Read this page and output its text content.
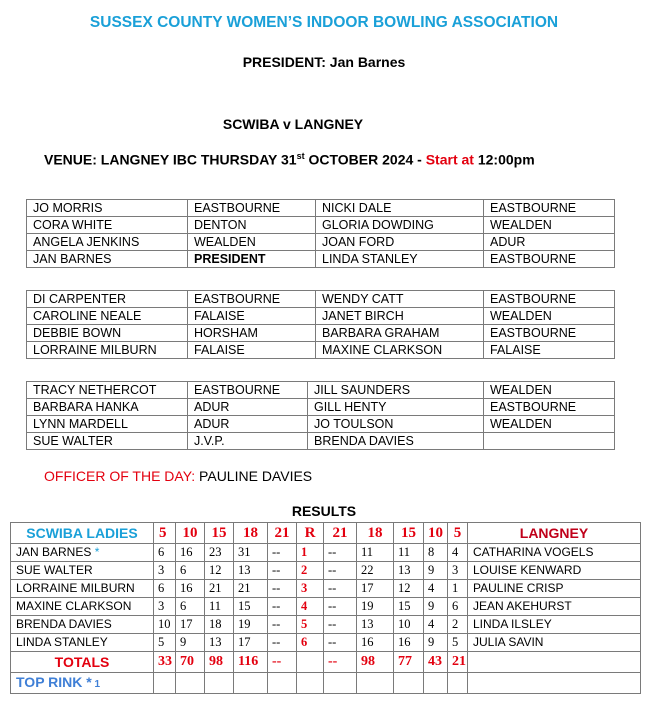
SUSSEX COUNTY WOMEN’S INDOOR BOWLING ASSOCIATION
PRESIDENT: Jan Barnes
SCWIBA v LANGNEY
VENUE: LANGNEY IBC THURSDAY 31st OCTOBER 2024 - Start at 12:00pm
JO MORRIS	EASTBOURNE	NICKI DALE	EASTBOURNE
CORA WHITE	DENTON	GLORIA DOWDING	WEALDEN
ANGELA JENKINS	WEALDEN	JOAN FORD	ADUR
JAN BARNES	PRESIDENT	LINDA STANLEY	EASTBOURNE
DI CARPENTER	EASTBOURNE	WENDY CATT	EASTBOURNE
CAROLINE NEALE	FALAISE	JANET BIRCH	WEALDEN
DEBBIE BOWN	HORSHAM	BARBARA GRAHAM	EASTBOURNE
LORRAINE MILBURN	FALAISE	MAXINE CLARKSON	FALAISE
TRACY NETHERCOT	EASTBOURNE	JILL SAUNDERS	WEALDEN
BARBARA HANKA	ADUR	GILL HENTY	EASTBOURNE
LYNN MARDELL	ADUR	JO TOULSON	WEALDEN
SUE WALTER	J.V.P.	BRENDA DAVIES	
OFFICER OF THE DAY: PAULINE DAVIES
RESULTS
SCWIBA LADIES	5	10	15	18	21	R	21	18	15	10	5	LANGNEY
JAN BARNES *	6	16	23	31	--	1	--	11	11	8	4	CATHARINA VOGELS
SUE WALTER	3	6	12	13	--	2	--	22	13	9	3	LOUISE KENWARD
LORRAINE MILBURN	6	16	21	21	--	3	--	17	12	4	1	PAULINE CRISP
MAXINE CLARKSON	3	6	11	15	--	4	--	19	15	9	6	JEAN AKEHURST
BRENDA DAVIES	10	17	18	19	--	5	--	13	10	4	2	LINDA ILSLEY
LINDA STANLEY	5	9	13	17	--	6	--	16	16	9	5	JULIA SAVIN
TOTALS	33	70	98	116	--		--	98	77	43	21	
TOP RINK * 1												
